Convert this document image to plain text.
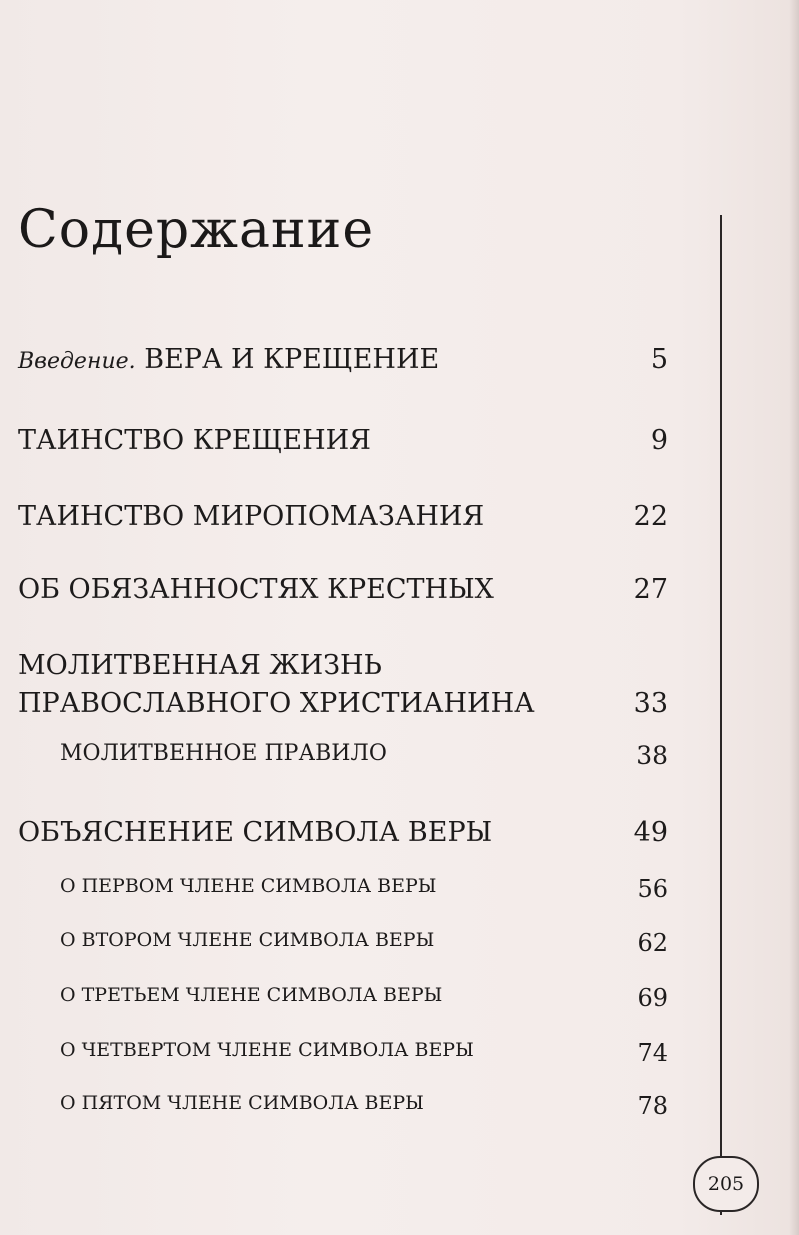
Содержание
Введение. ВЕРА И КРЕЩЕНИЕ	5
ТАИНСТВО КРЕЩЕНИЯ	9
ТАИНСТВО МИРОПОМАЗАНИЯ	22
ОБ ОБЯЗАННОСТЯХ КРЕСТНЫХ	27
МОЛИТВЕННАЯ ЖИЗНЬ
ПРАВОСЛАВНОГО ХРИСТИАНИНА	33
МОЛИТВЕННОЕ ПРАВИЛО	38
ОБЪЯСНЕНИЕ СИМВОЛА ВЕРЫ	49
О ПЕРВОМ ЧЛЕНЕ СИМВОЛА ВЕРЫ	56
О ВТОРОМ ЧЛЕНЕ СИМВОЛА ВЕРЫ	62
О ТРЕТЬЕМ ЧЛЕНЕ СИМВОЛА ВЕРЫ	69
О ЧЕТВЕРТОМ ЧЛЕНЕ СИМВОЛА ВЕРЫ	74
О ПЯТОМ ЧЛЕНЕ СИМВОЛА ВЕРЫ	78
205
